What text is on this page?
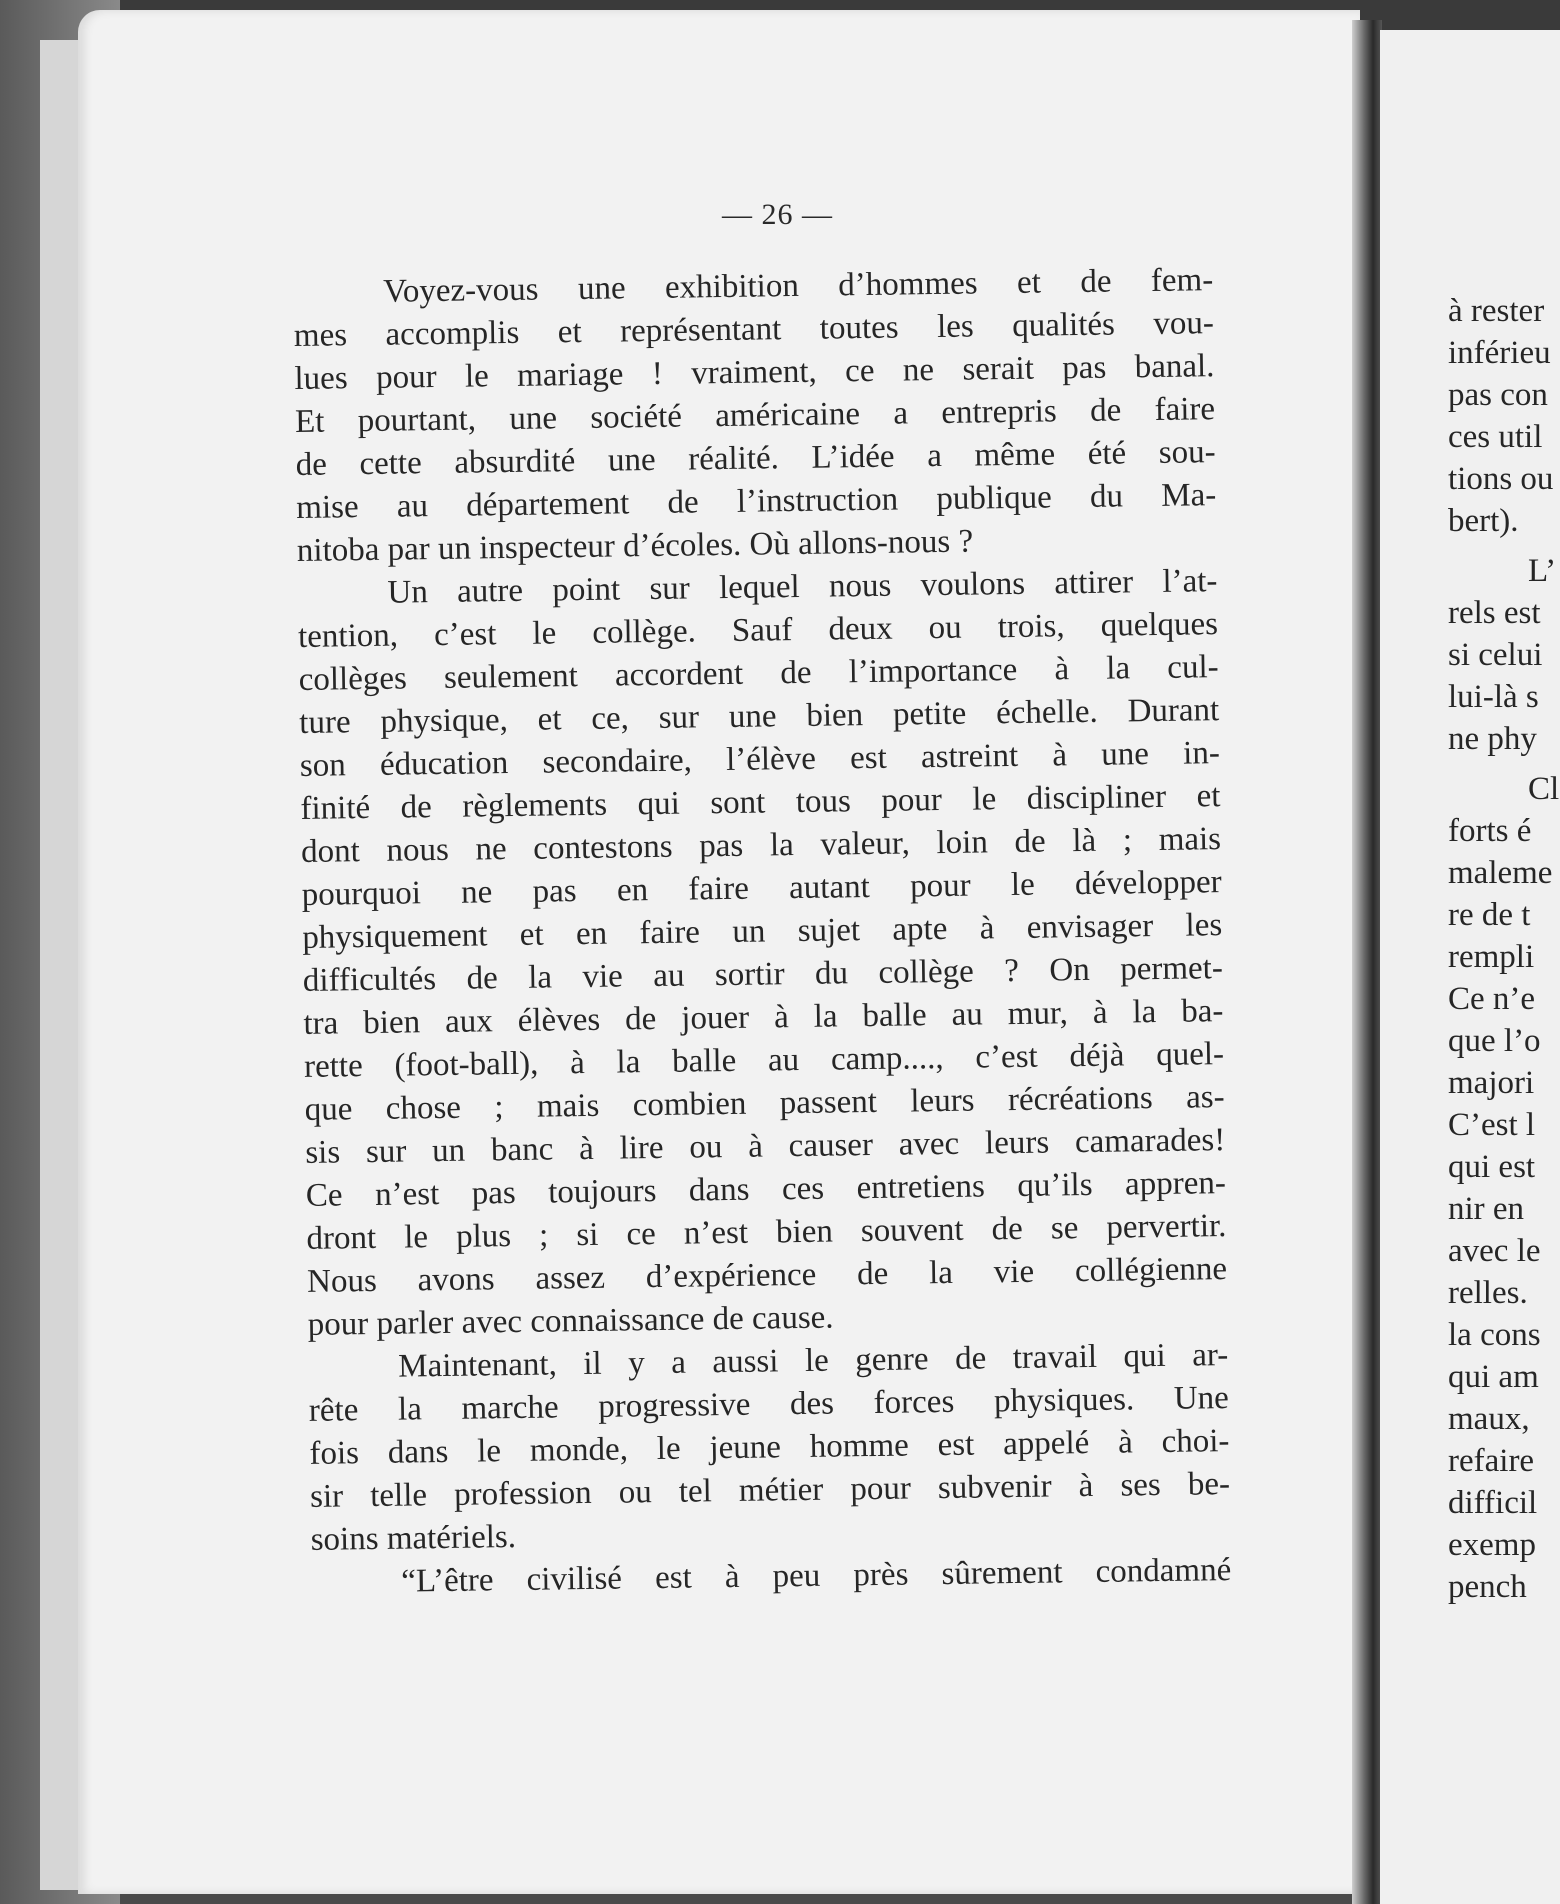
— 26 —
Voyez-vous une exhibition d’hommes et de fem-
mes accomplis et représentant toutes les qualités vou-
lues pour le mariage ! vraiment, ce ne serait pas banal.
Et pourtant, une société américaine a entrepris de faire
de cette absurdité une réalité. L’idée a même été sou-
mise au département de l’instruction publique du Ma-
nitoba par un inspecteur d’écoles. Où allons-nous ?
Un autre point sur lequel nous voulons attirer l’at-
tention, c’est le collège. Sauf deux ou trois, quelques
collèges seulement accordent de l’importance à la cul-
ture physique, et ce, sur une bien petite échelle. Durant
son éducation secondaire, l’élève est astreint à une in-
finité de règlements qui sont tous pour le discipliner et
dont nous ne contestons pas la valeur, loin de là ; mais
pourquoi ne pas en faire autant pour le développer
physiquement et en faire un sujet apte à envisager les
difficultés de la vie au sortir du collège ? On permet-
tra bien aux élèves de jouer à la balle au mur, à la ba-
rette (foot-ball), à la balle au camp...., c’est déjà quel-
que chose ; mais combien passent leurs récréations as-
sis sur un banc à lire ou à causer avec leurs camarades!
Ce n’est pas toujours dans ces entretiens qu’ils appren-
dront le plus ; si ce n’est bien souvent de se pervertir.
Nous avons assez d’expérience de la vie collégienne
pour parler avec connaissance de cause.
Maintenant, il y a aussi le genre de travail qui ar-
rête la marche progressive des forces physiques. Une
fois dans le monde, le jeune homme est appelé à choi-
sir telle profession ou tel métier pour subvenir à ses be-
soins matériels.
“L’être civilisé est à peu près sûrement condamné
à rester
inférieu
pas con
ces util
tions ou
bert).
L’
rels est
si celui
lui-là s
ne phy
Cl
forts é
maleme
re de t
rempli
Ce n’e
que l’o
majori
C’est l
qui est
nir en
avec le
relles.
la cons
qui am
maux,
refaire
difficil
exemp
pench
